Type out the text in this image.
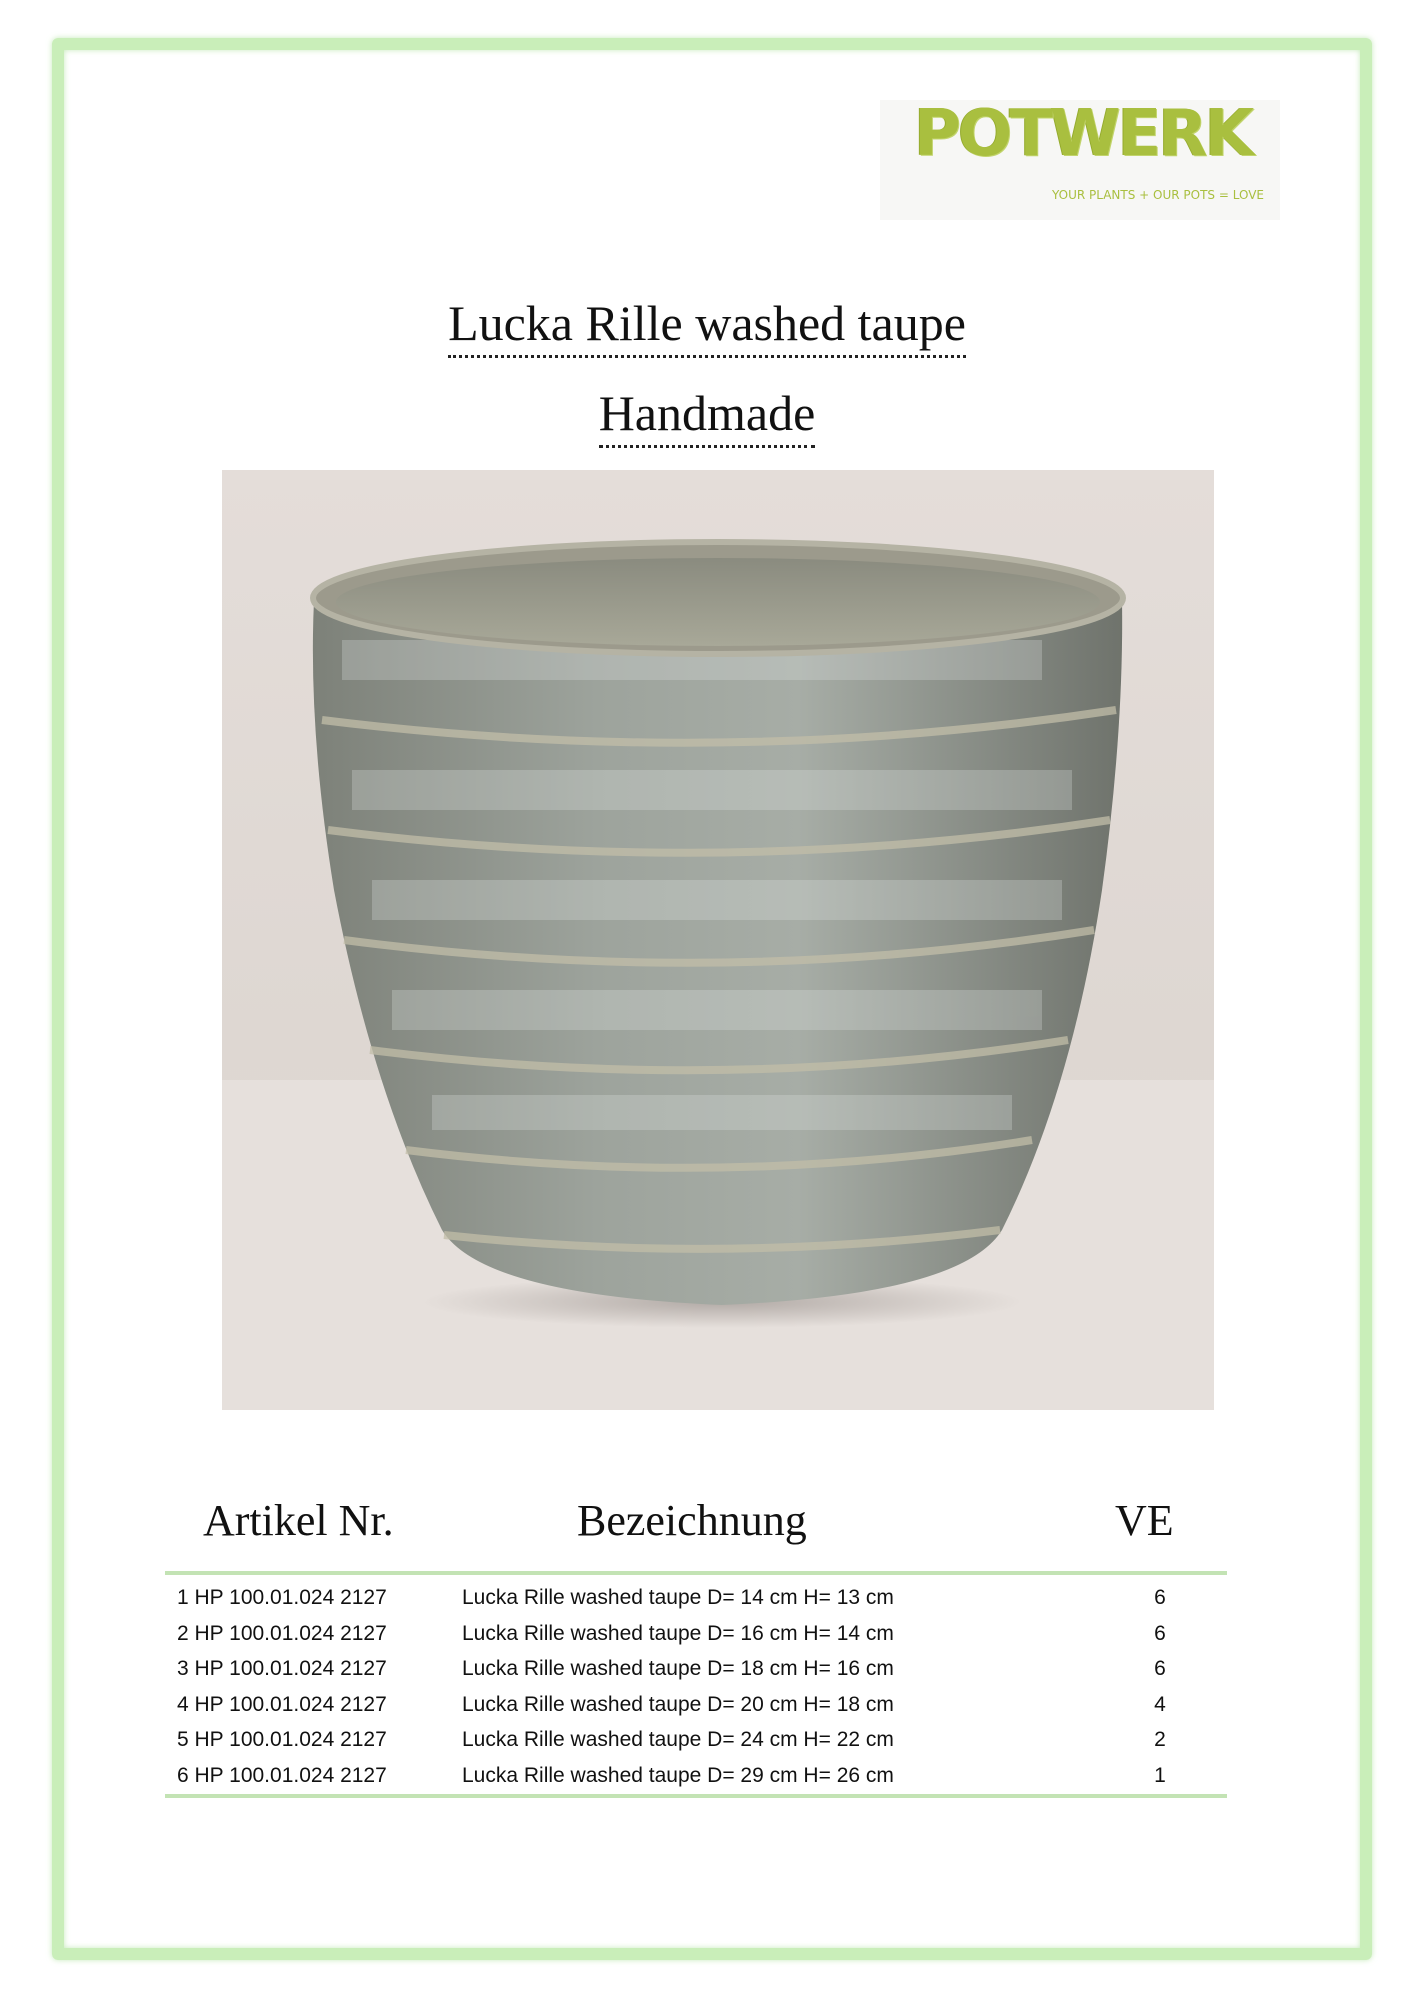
POTWERK
YOUR PLANTS + OUR POTS = LOVE
Lucka Rille washed taupe
Handmade
Artikel Nr.	Bezeichnung	VE
1 HP 100.01.024 2127	Lucka Rille washed taupe D= 14 cm H= 13 cm	6
2 HP 100.01.024 2127	Lucka Rille washed taupe D= 16 cm H= 14 cm	6
3 HP 100.01.024 2127	Lucka Rille washed taupe D= 18 cm H= 16 cm	6
4 HP 100.01.024 2127	Lucka Rille washed taupe D= 20 cm H= 18 cm	4
5 HP 100.01.024 2127	Lucka Rille washed taupe D= 24 cm H= 22 cm	2
6 HP 100.01.024 2127	Lucka Rille washed taupe D= 29 cm H= 26 cm	1
